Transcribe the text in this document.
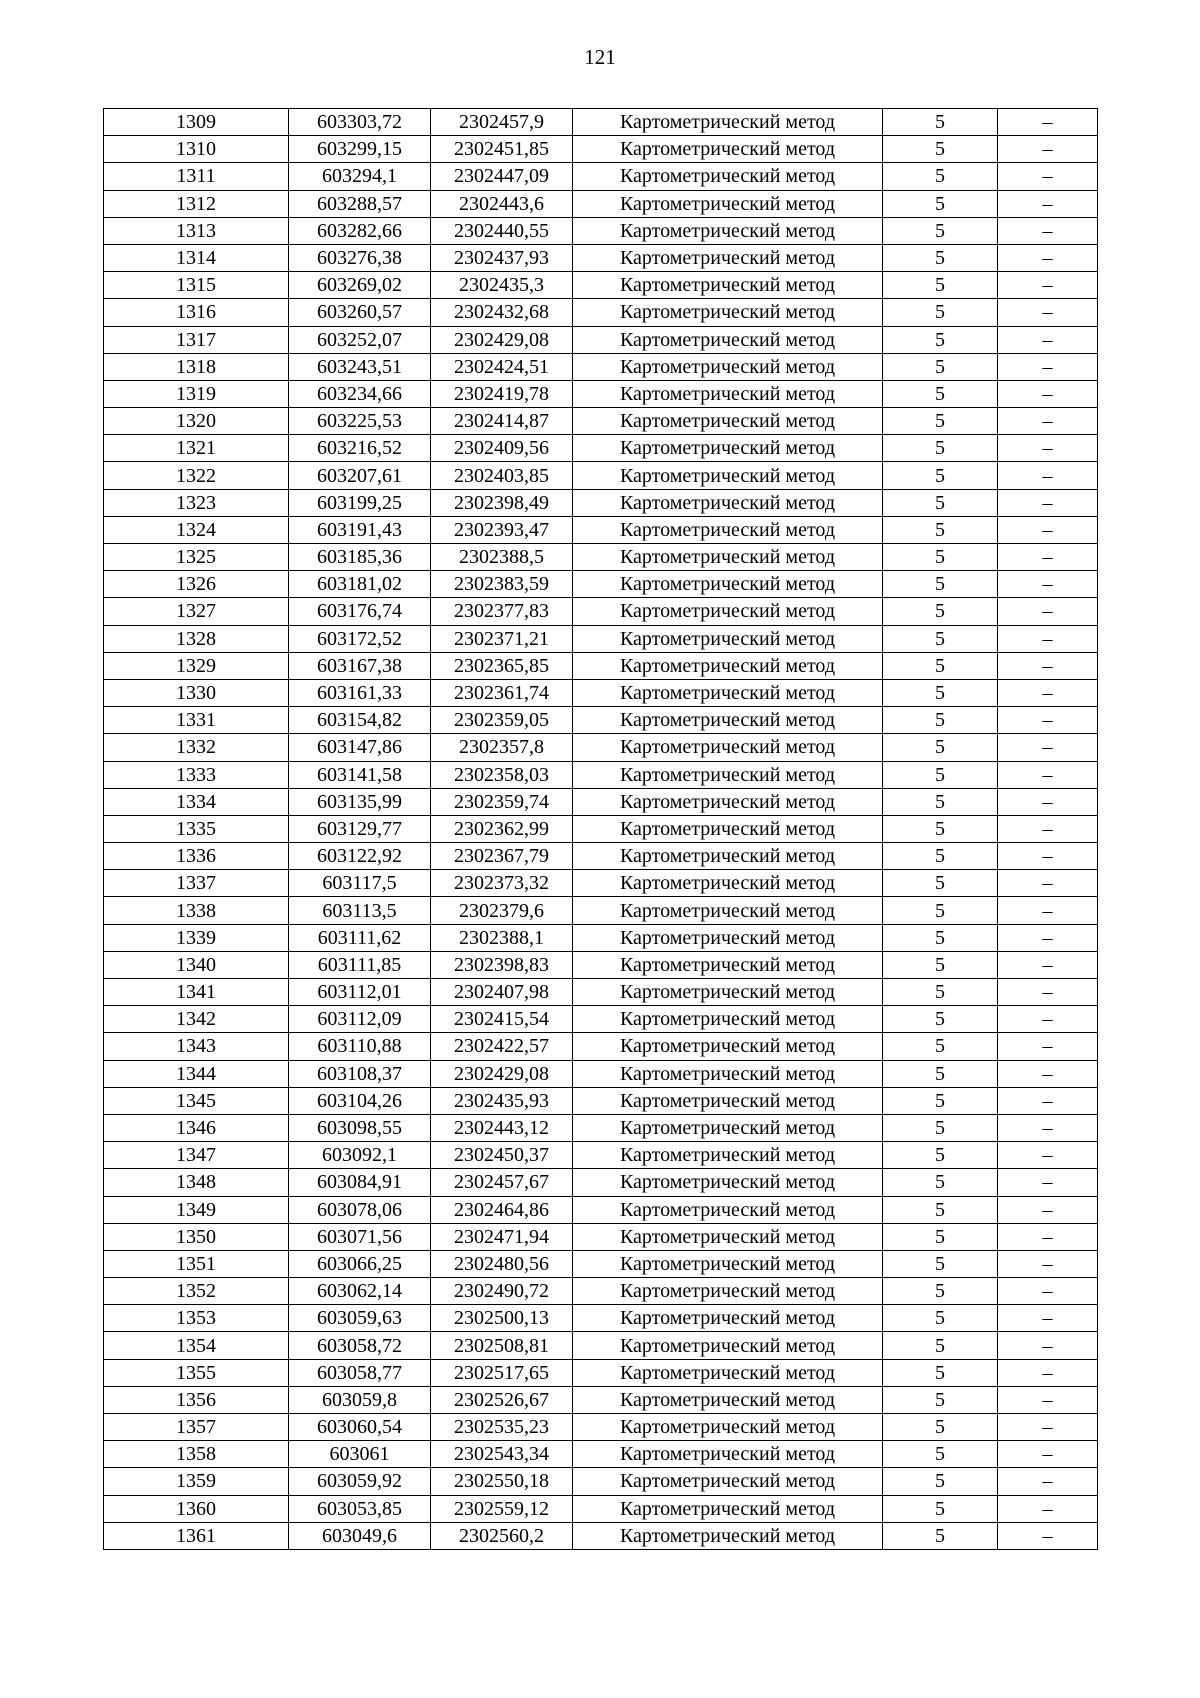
121
1309	603303,72	2302457,9	Картометрический метод	5	–
1310	603299,15	2302451,85	Картометрический метод	5	–
1311	603294,1	2302447,09	Картометрический метод	5	–
1312	603288,57	2302443,6	Картометрический метод	5	–
1313	603282,66	2302440,55	Картометрический метод	5	–
1314	603276,38	2302437,93	Картометрический метод	5	–
1315	603269,02	2302435,3	Картометрический метод	5	–
1316	603260,57	2302432,68	Картометрический метод	5	–
1317	603252,07	2302429,08	Картометрический метод	5	–
1318	603243,51	2302424,51	Картометрический метод	5	–
1319	603234,66	2302419,78	Картометрический метод	5	–
1320	603225,53	2302414,87	Картометрический метод	5	–
1321	603216,52	2302409,56	Картометрический метод	5	–
1322	603207,61	2302403,85	Картометрический метод	5	–
1323	603199,25	2302398,49	Картометрический метод	5	–
1324	603191,43	2302393,47	Картометрический метод	5	–
1325	603185,36	2302388,5	Картометрический метод	5	–
1326	603181,02	2302383,59	Картометрический метод	5	–
1327	603176,74	2302377,83	Картометрический метод	5	–
1328	603172,52	2302371,21	Картометрический метод	5	–
1329	603167,38	2302365,85	Картометрический метод	5	–
1330	603161,33	2302361,74	Картометрический метод	5	–
1331	603154,82	2302359,05	Картометрический метод	5	–
1332	603147,86	2302357,8	Картометрический метод	5	–
1333	603141,58	2302358,03	Картометрический метод	5	–
1334	603135,99	2302359,74	Картометрический метод	5	–
1335	603129,77	2302362,99	Картометрический метод	5	–
1336	603122,92	2302367,79	Картометрический метод	5	–
1337	603117,5	2302373,32	Картометрический метод	5	–
1338	603113,5	2302379,6	Картометрический метод	5	–
1339	603111,62	2302388,1	Картометрический метод	5	–
1340	603111,85	2302398,83	Картометрический метод	5	–
1341	603112,01	2302407,98	Картометрический метод	5	–
1342	603112,09	2302415,54	Картометрический метод	5	–
1343	603110,88	2302422,57	Картометрический метод	5	–
1344	603108,37	2302429,08	Картометрический метод	5	–
1345	603104,26	2302435,93	Картометрический метод	5	–
1346	603098,55	2302443,12	Картометрический метод	5	–
1347	603092,1	2302450,37	Картометрический метод	5	–
1348	603084,91	2302457,67	Картометрический метод	5	–
1349	603078,06	2302464,86	Картометрический метод	5	–
1350	603071,56	2302471,94	Картометрический метод	5	–
1351	603066,25	2302480,56	Картометрический метод	5	–
1352	603062,14	2302490,72	Картометрический метод	5	–
1353	603059,63	2302500,13	Картометрический метод	5	–
1354	603058,72	2302508,81	Картометрический метод	5	–
1355	603058,77	2302517,65	Картометрический метод	5	–
1356	603059,8	2302526,67	Картометрический метод	5	–
1357	603060,54	2302535,23	Картометрический метод	5	–
1358	603061	2302543,34	Картометрический метод	5	–
1359	603059,92	2302550,18	Картометрический метод	5	–
1360	603053,85	2302559,12	Картометрический метод	5	–
1361	603049,6	2302560,2	Картометрический метод	5	–
